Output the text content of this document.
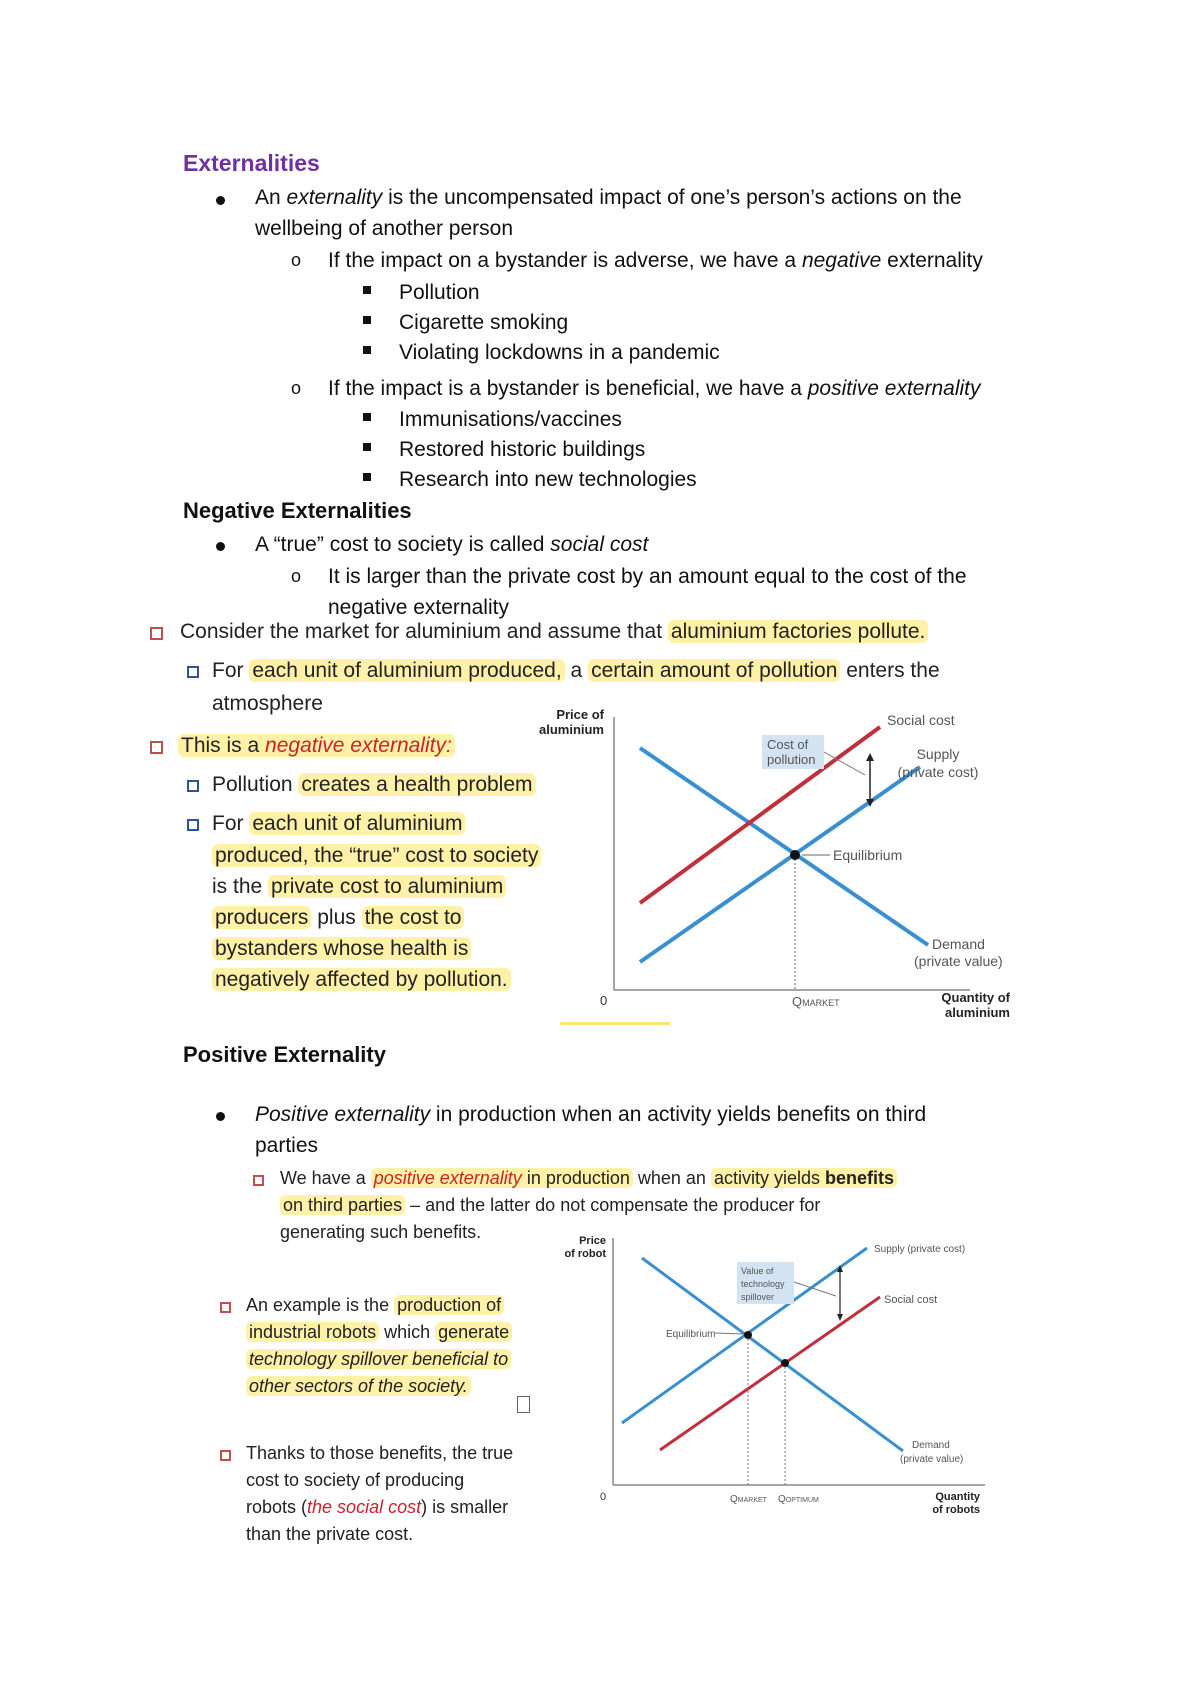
Externalities
An externality is the uncompensated impact of one’s person’s actions on the
wellbeing of another person
o If the impact on a bystander is adverse, we have a negative externality
Pollution
Cigarette smoking
Violating lockdowns in a pandemic
o If the impact is a bystander is beneficial, we have a positive externality
Immunisations/vaccines
Restored historic buildings
Research into new technologies
Negative Externalities
A “true” cost to society is called social cost
o It is larger than the private cost by an amount equal to the cost of the
negative externality
Consider the market for aluminium and assume that aluminium factories pollute.
For each unit of aluminium produced, a certain amount of pollution enters the
atmosphere
This is a negative externality:
Pollution creates a health problem
For each unit of aluminium
produced, the “true” cost to society
is the private cost to aluminium
producers plus the cost to
bystanders whose health is
negatively affected by pollution.
Price of
aluminium
0	QMARKET	Quantity of
aluminium
Equilibrium
Cost of
pollution
Social cost
Supply
(private cost)
Demand
(private value)
Positive Externality
Positive externality in production when an activity yields benefits on third
parties
We have a positive externality in production when an activity yields benefits
on third parties – and the latter do not compensate the producer for
generating such benefits.
An example is the production of
industrial robots which generate
technology spillover beneficial to
other sectors of the society.
Thanks to those benefits, the true
cost to society of producing
robots (the social cost) is smaller
than the private cost.
Price
of robot
0	QMARKET QOPTIMUM	Quantity
of robots
Equilibrium
Value of
technology
spillover
Supply (private cost)
Social cost
Demand
(private value)
